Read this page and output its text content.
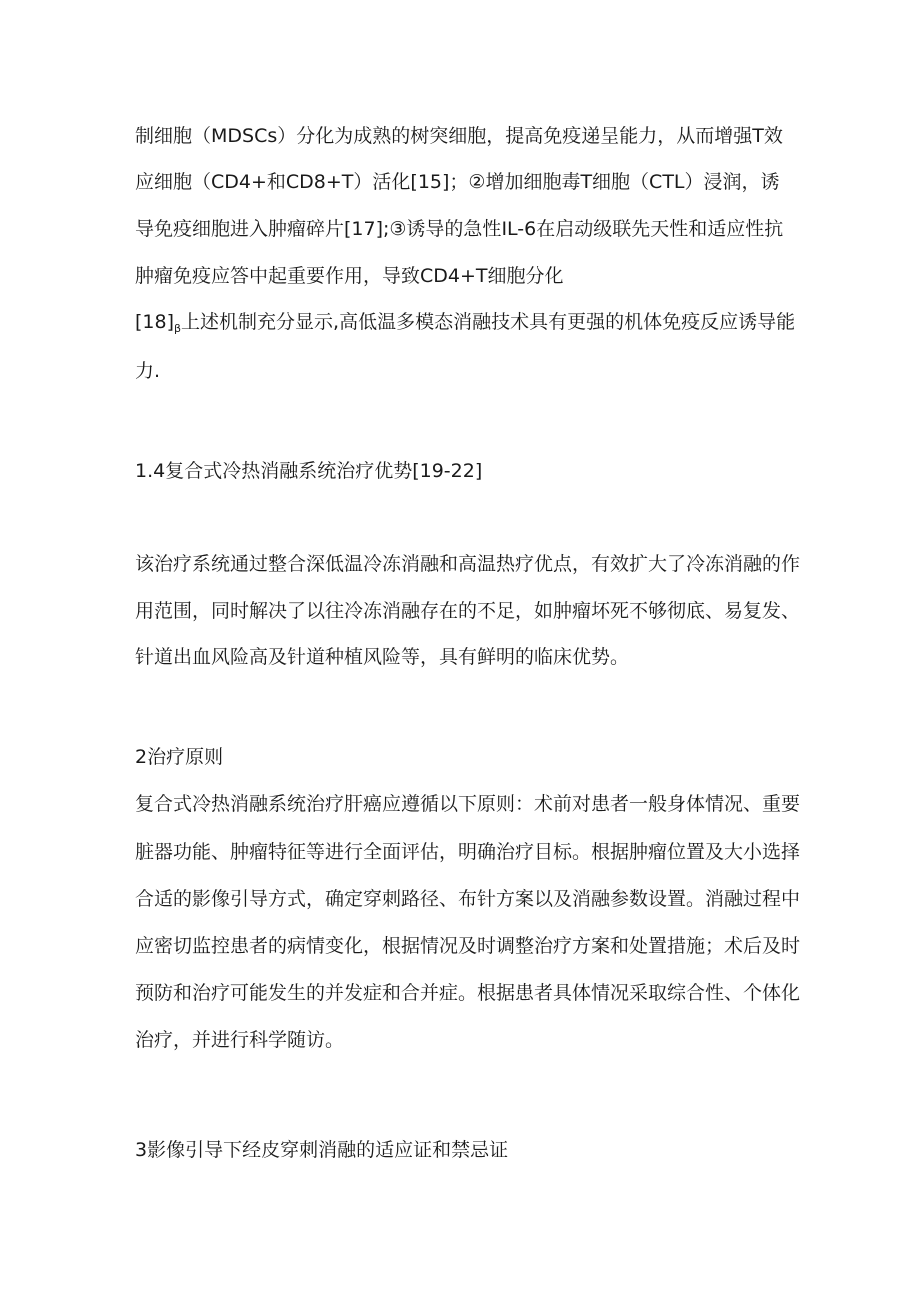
制细胞（MDSCs）分化为成熟的树突细胞，提高免疫递呈能力，从而增强T效
应细胞（CD4+和CD8+T）活化[15]；②增加细胞毒T细胞（CTL）浸润，诱
导免疫细胞进入肿瘤碎片[17];③诱导的急性IL-6在启动级联先天性和适应性抗
肿瘤免疫应答中起重要作用，导致CD4+T细胞分化
$[18]_\beta$上述机制充分显示,高低温多模态消融技术具有更强的机体免疫反应诱导能
力.
1.4复合式冷热消融系统治疗优势[19-22]
该治疗系统通过整合深低温冷冻消融和高温热疗优点，有效扩大了冷冻消融的作
用范围，同时解决了以往冷冻消融存在的不足，如肿瘤坏死不够彻底、易复发、
针道出血风险高及针道种植风险等，具有鲜明的临床优势。
2治疗原则
复合式冷热消融系统治疗肝癌应遵循以下原则：术前对患者一般身体情况、重要
脏器功能、肿瘤特征等进行全面评估，明确治疗目标。根据肿瘤位置及大小选择
合适的影像引导方式，确定穿刺路径、布针方案以及消融参数设置。消融过程中
应密切监控患者的病情变化，根据情况及时调整治疗方案和处置措施；术后及时
预防和治疗可能发生的并发症和合并症。根据患者具体情况采取综合性、个体化
治疗，并进行科学随访。
3影像引导下经皮穿刺消融的适应证和禁忌证
